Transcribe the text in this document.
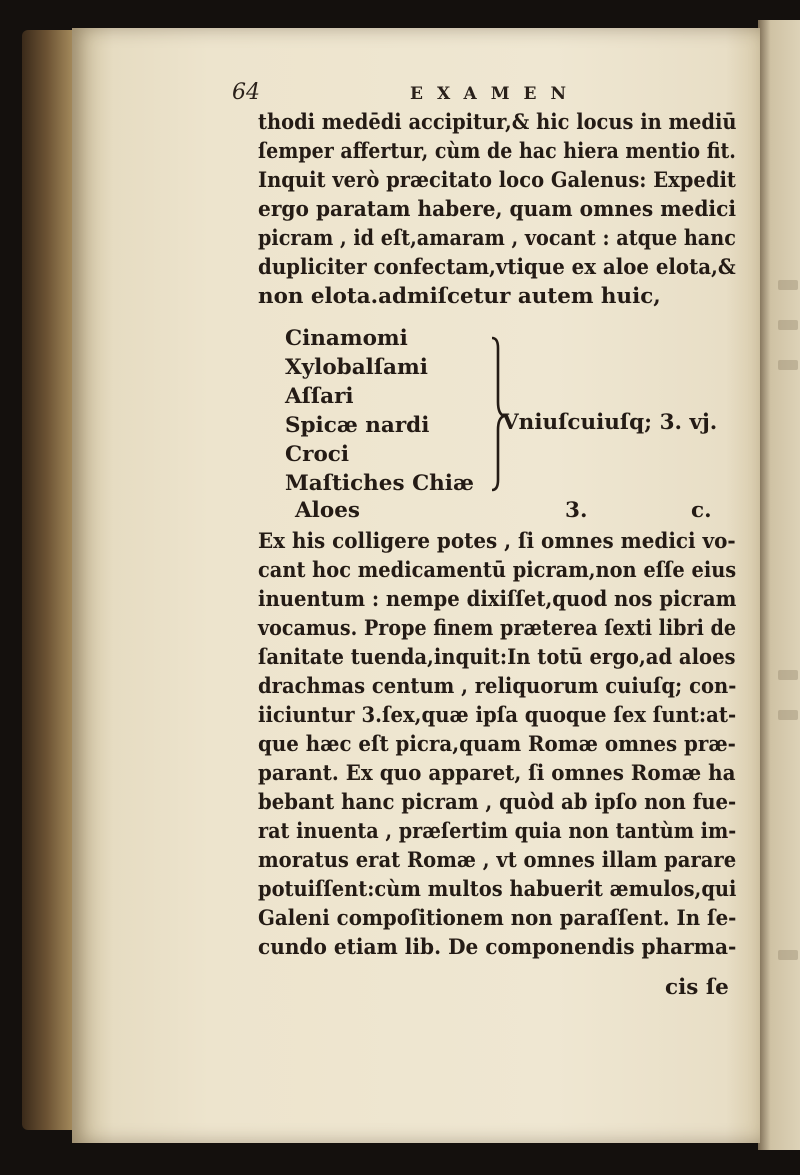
64	EXAMEN
thodi medēdi accipitur,& hic locus in mediū
ſemper affertur, cùm de hac hiera mentio fit.
Inquit verò præcitato loco Galenus: Expedit
ergo paratam habere, quam omnes medici
picram , id eſt,amaram , vocant : atque hanc
dupliciter confectam,vtique ex aloe elota,&
non elota.admiſcetur autem huic,
Cinamomi
Xylobalſami
Aſſari
Spicæ nardi
Croci
Maſtiches Chiæ
Vniuſcuiuſq; 3. vj.
Aloes	3.	c.
Ex his colligere potes , ſi omnes medici vo-
cant hoc medicamentū picram,non eſſe eius
inuentum : nempe dixiſſet,quod nos picram
vocamus. Prope finem præterea ſexti libri de
ſanitate tuenda,inquit:In totū ergo,ad aloes
drachmas centum , reliquorum cuiuſq; con-
iiciuntur 3.ſex,quæ ipſa quoque ſex ſunt:at-
que hæc eſt picra,quam Romæ omnes præ-
parant. Ex quo apparet, ſi omnes Romæ ha
bebant hanc picram , quòd ab ipſo non fue-
rat inuenta , præſertim quia non tantùm im-
moratus erat Romæ , vt omnes illam parare
potuiſſent:cùm multos habuerit æmulos,qui
Galeni compoſitionem non paraſſent. In ſe-
cundo etiam lib. De componendis pharma-
cis ſe
